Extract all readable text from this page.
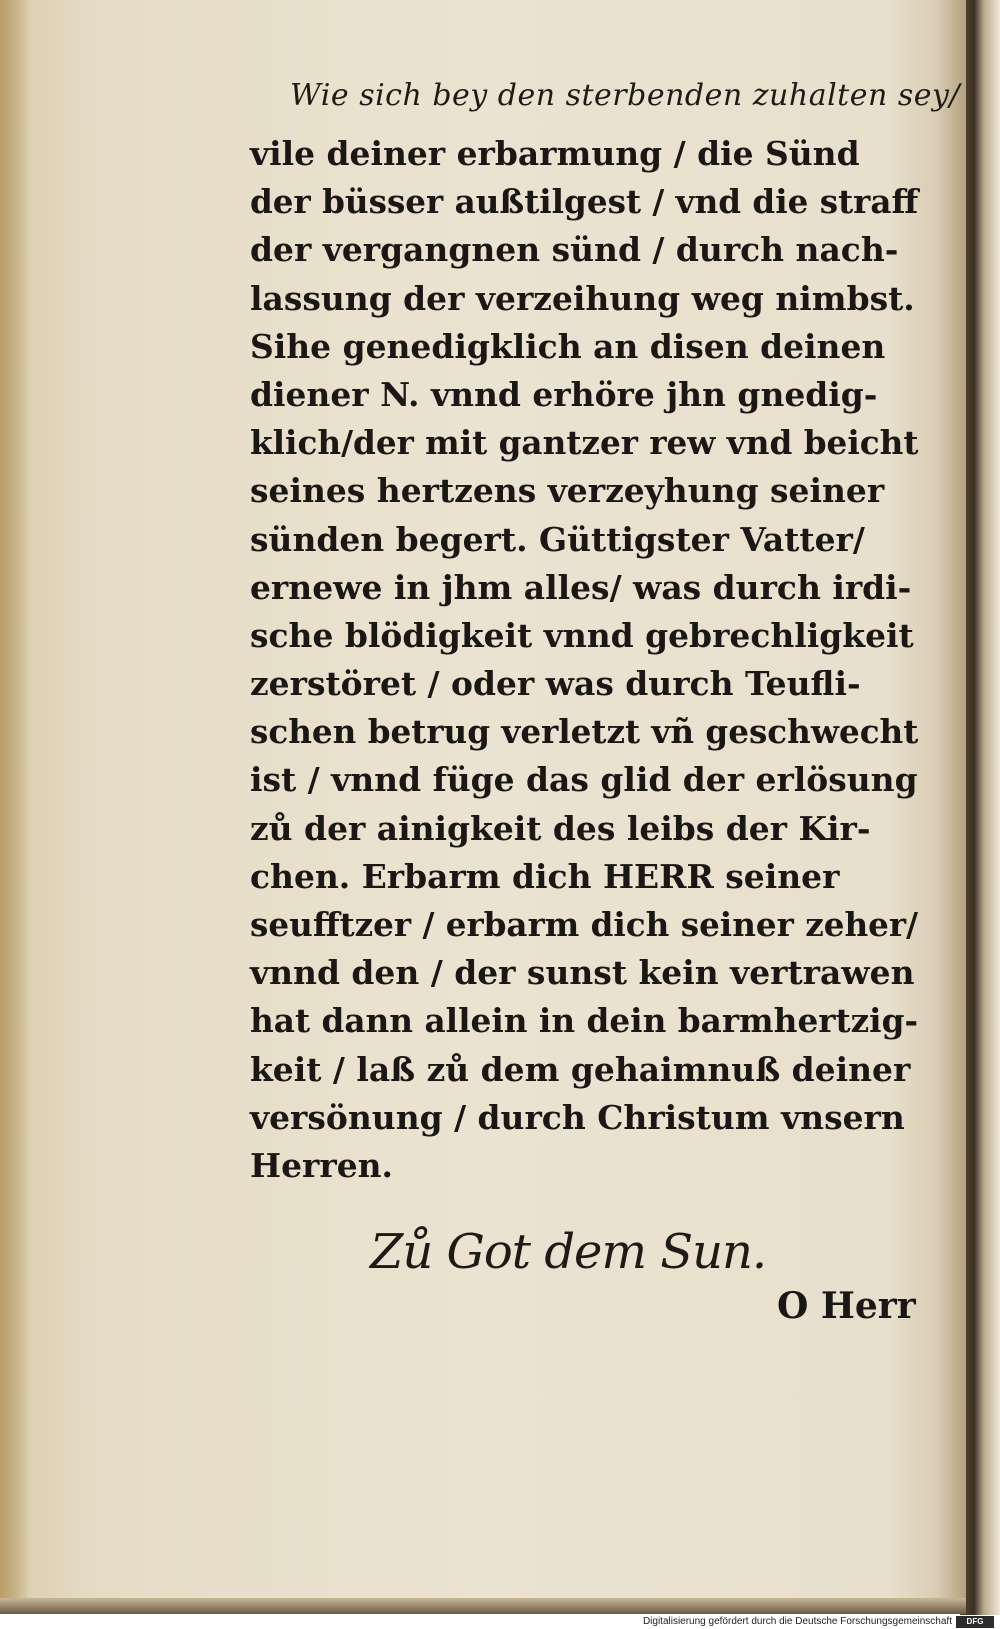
Wie sich bey den sterbenden zuhalten sey/
vile deiner erbarmung / die Sünd
der büsser außtilgest / vnd die straff
der vergangnen sünd / durch nach-
lassung der verzeihung weg nimbst.
Sihe genedigklich an disen deinen
diener N. vnnd erhöre jhn gnedig-
klich/der mit gantzer rew vnd beicht
seines hertzens verzeyhung seiner
sünden begert. Güttigster Vatter/
ernewe in jhm alles/ was durch irdi-
sche blödigkeit vnnd gebrechligkeit
zerstöret / oder was durch Teufli-
schen betrug verletzt vñ geschwecht
ist / vnnd füge das glid der erlösung
zů der ainigkeit des leibs der Kir-
chen. Erbarm dich HERR seiner
seufftzer / erbarm dich seiner zeher/
vnnd den / der sunst kein vertrawen
hat dann allein in dein barmhertzig-
keit / laß zů dem gehaimnuß deiner
versönung / durch Christum vnsern
Herren.
Zů Got dem Sun.
O Herr
Digitalisierung gefördert durch die Deutsche Forschungsgemeinschaft	DFG
